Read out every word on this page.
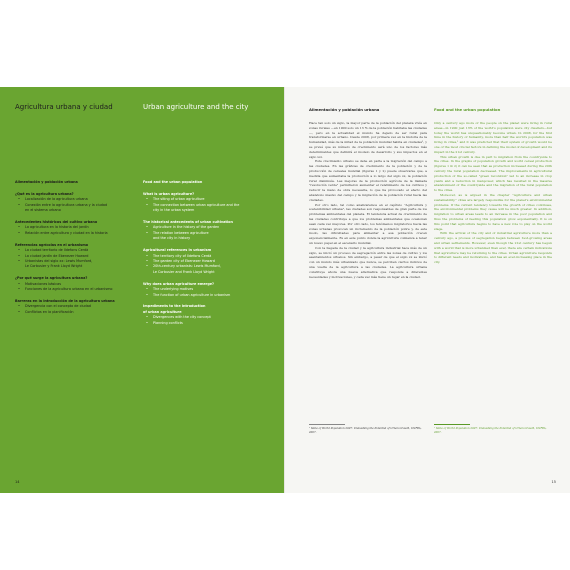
Agricultura urbana y ciudad	Urban agriculture and the city
Alimentación y población urbana
¿Qué es la agricultura urbana?
• Localización de la agricultura urbana
• Conexión entre la agricultura urbana y la ciudad
en el sistema urbano
Antecedentes históricos del cultivo urbano
• La agricultura en la historia del jardín
• Relación entre agricultura y ciudad en la historia
Referencias agrícolas en el urbanismo
• La ciudad territorio de Ildefons Cerdà
• La ciudad jardín de Ebenezer Howard
• Urbanistas del siglo xx: Lewis Mumford,
Le Corbusier y Frank Lloyd Wright
¿Por qué surge la agricultura urbana?
• Motivaciones básicas
• Funciones de la agricultura urbana en el urbanismo
Barreras en la introducción de la agricultura urbana
• Divergencia con el concepto de ciudad
• Conflictos en la planificación
Food and the urban population
What is urban agriculture?
• The siting of urban agriculture
• The connection between urban agriculture and the
city in the urban system
The historical antecedents of urban cultivation
• Agriculture in the history of the garden
• The relation between agriculture
and the city in history
Agricultural references in urbanism
• The territory city of Ildefons Cerdà
• The garden city of Ebenezer Howard
• 20th-century urbanists: Lewis Mumford,
Le Corbusier and Frank Lloyd Wright
Why does urban agriculture emerge?
• The underlying motives
• The function of urban agriculture in urbanism
Impediments to the introduction
of urban agriculture
• Divergences with the city concept
• Planning conflicts
14
Alimentación y población urbana	Food and the urban population

Hace tan solo un siglo, la mayor parte de la población del planeta vivía en zonas rurales —en 1900 solo un 13 % de la población habitaba las ciudades—, pero en la actualidad el mundo ha dejado de ser rural para transformarse en urbano. Desde 2008, por primera vez en la historia de la humanidad, más de la mitad de la población mundial habita en ciudades¹, y se prevé que su número de crecimiento será uno de los factores más determinantes que definirá el modelo de desarrollo y sus impactos en el siglo xxi.

Este crecimiento urbano se debe en parte a la migración del campo a las ciudades. En las gráficas de crecimiento de la población y de la producción de cereales mundial (figuras 1 y 2) puede observarse que, a medida que aumentaba la producción a lo largo del siglo xx, la población rural disminuía. Las mejoras de la producción agrícola de la llamada "revolución verde" permitieron aumentar el rendimiento de los cultivos y reducir la mano de obra necesaria, lo que ha provocado el efecto del abandono masivo del campo y la migración de la población rural hacia las ciudades.

Por otro lado, tal como analizaremos en el capítulo "Agricultura y sostenibilidad urbana", las ciudades son responsables de gran parte de los problemas ambientales del planeta. El tendencia actual de crecimiento de las ciudades contribuye a que los problemas ambientales que ocasionan sean cada vez mayores. Por otro lado, los fenómenos migratorios hacia las zonas urbanas provocan un incremento de la población pobre y, de este modo, las dificultades para alimentar a esa población crecen exponencialmente. Es en este punto donde la agricultura comienza a tener un nuevo papel en el escenario mundial.

Con la llegada de la ciudad y la agricultura industrial hace más de un siglo, se inició un proceso de segregación entre las zonas de cultivo y los asentamientos urbanos. Sin embargo, a pesar de que el siglo xx se inició con un mundo más urbanizado que nunca, se perciben ciertos indicios de una vuelta de la agricultura a las ciudades. La agricultura urbana constituye ahora una nueva alternativa que responde a diferentes necesidades y motivaciones, y cada vez más tiene un lugar en la ciudad.

Only a century ago more of the people on the planet were living in rural areas—in 1900 just 13% of the world's population were city dwellers—but today the world has unquestionably become urban. In 2008, for the first time in the history of humanity, more than half the world's population was living in cities,¹ and it was predicted that their system of growth would be one of the most crucial factors in defining the model of development and its impact in the 21st century.

This urban growth is due in part to migration from the countryside to the cities. In the graphs of population growth and world cereal production (figures 1 & 2) it can be seen that as production increased during the 20th century the rural population decreased. The improvements in agricultural production of the so-called "green revolution" led to an increase in crop yields and a reduction in manpower, which has resulted in the massive abandonment of the countryside and the migration of the rural population to the cities.

Moreover, as is argued in the chapter "Agriculture and urban sustainability," cities are largely responsible for the planet's environmental problems. If the current tendency towards the growth of cities continues, the environmental problems they cause will be much greater. In addition, migration to urban areas leads to an increase in the poor population and thus the problems of feeding this population grow exponentially. It is on this point that agriculture begins to have a new role to play on the world stage.

With the arrival of the city and of industrial agriculture more than a century ago, a process of segregation began between food-growing areas and urban settlements. However, even though the 21st century has begun with a world that is more urbanized than ever, there are certain indications that agriculture may be returning to the cities. Urban agriculture responds to different needs and motivations, and has an ever-increasing place in the city.

¹ State of World Population 2007: Unleashing the Potential of Urban Growth, UNFPA, 2007.
¹ State of World Population 2007: Unleashing the Potential of Urban Growth, UNFPA, 2007.
15
